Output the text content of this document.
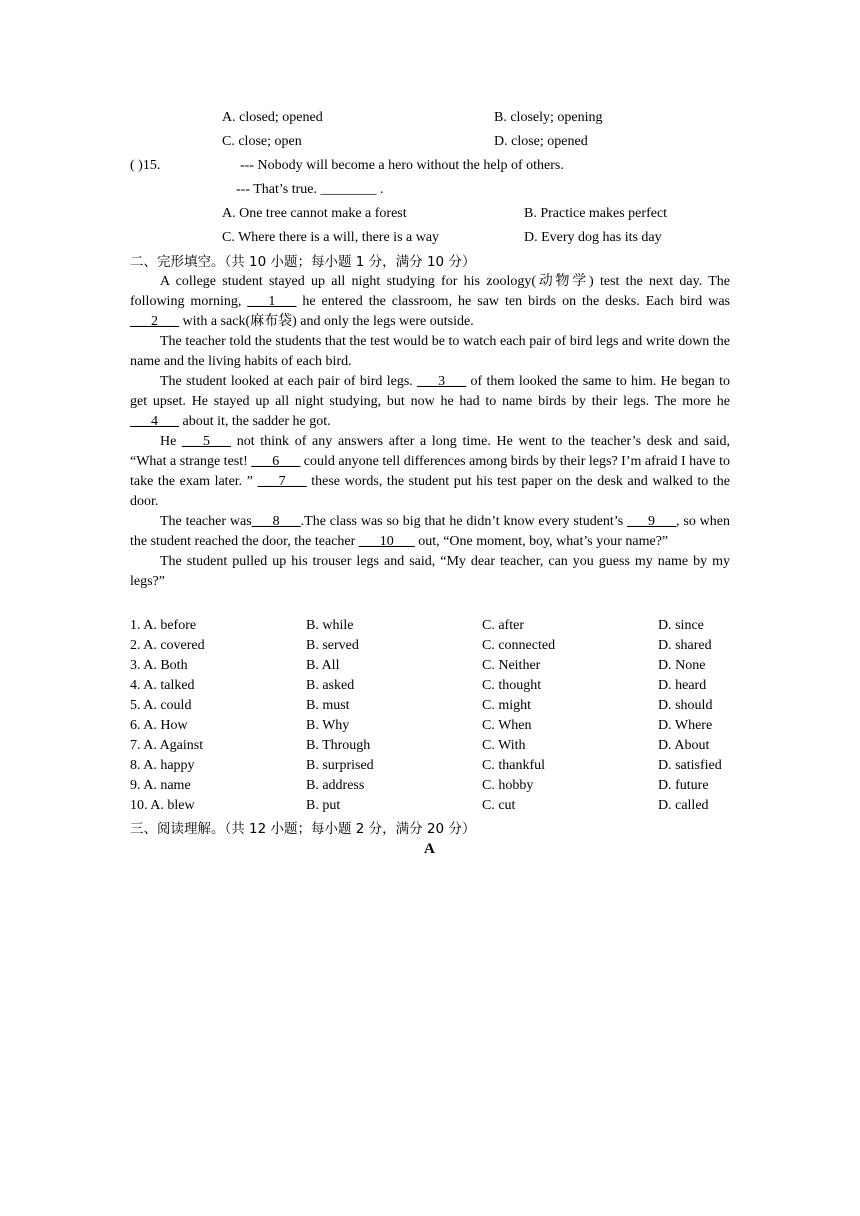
A. closed; opened	B. closely; opening
C. close; open	D. close; opened
( )15.	--- Nobody will become a hero without the help of others.
--- That’s true. ________ .
A. One tree cannot make a forest	B. Practice makes perfect
C. Where there is a will, there is a way	D. Every dog has its day
二、完形填空。（共 10 小题；每小题 1 分，满分 10 分）

A college student stayed up all night studying for his zoology(动物学) test the next day. The following morning, ___1___ he entered the classroom, he saw ten birds on the desks. Each bird was ___2___ with a sack(麻布袋) and only the legs were outside.

The teacher told the students that the test would be to watch each pair of bird legs and write down the name and the living habits of each bird.

The student looked at each pair of bird legs. ___3___ of them looked the same to him. He began to get upset. He stayed up all night studying, but now he had to name birds by their legs. The more he ___4___ about it, the sadder he got.

He ___5___ not think of any answers after a long time. He went to the teacher’s desk and said, “What a strange test! ___6___ could anyone tell differences among birds by their legs? I’m afraid I have to take the exam later. ” ___7___ these words, the student put his test paper on the desk and walked to the door.

The teacher was___8___.The class was so big that he didn’t know every student’s ___9___, so when the student reached the door, the teacher ___10___ out, “One moment, boy, what’s your name?”

The student pulled up his trouser legs and said, “My dear teacher, can you guess my name by my legs?”

1. A. before	B. while	C. after	D. since
2. A. covered	B. served	C. connected	D. shared
3. A. Both	B. All	C. Neither	D. None
4. A. talked	B. asked	C. thought	D. heard
5. A. could	B. must	C. might	D. should
6. A. How	B. Why	C. When	D. Where
7. A. Against	B. Through	C. With	D. About
8. A. happy	B. surprised	C. thankful	D. satisfied
9. A. name	B. address	C. hobby	D. future
10. A. blew	B. put	C. cut	D. called
三、阅读理解。（共 12 小题；每小题 2 分，满分 20 分）
A
